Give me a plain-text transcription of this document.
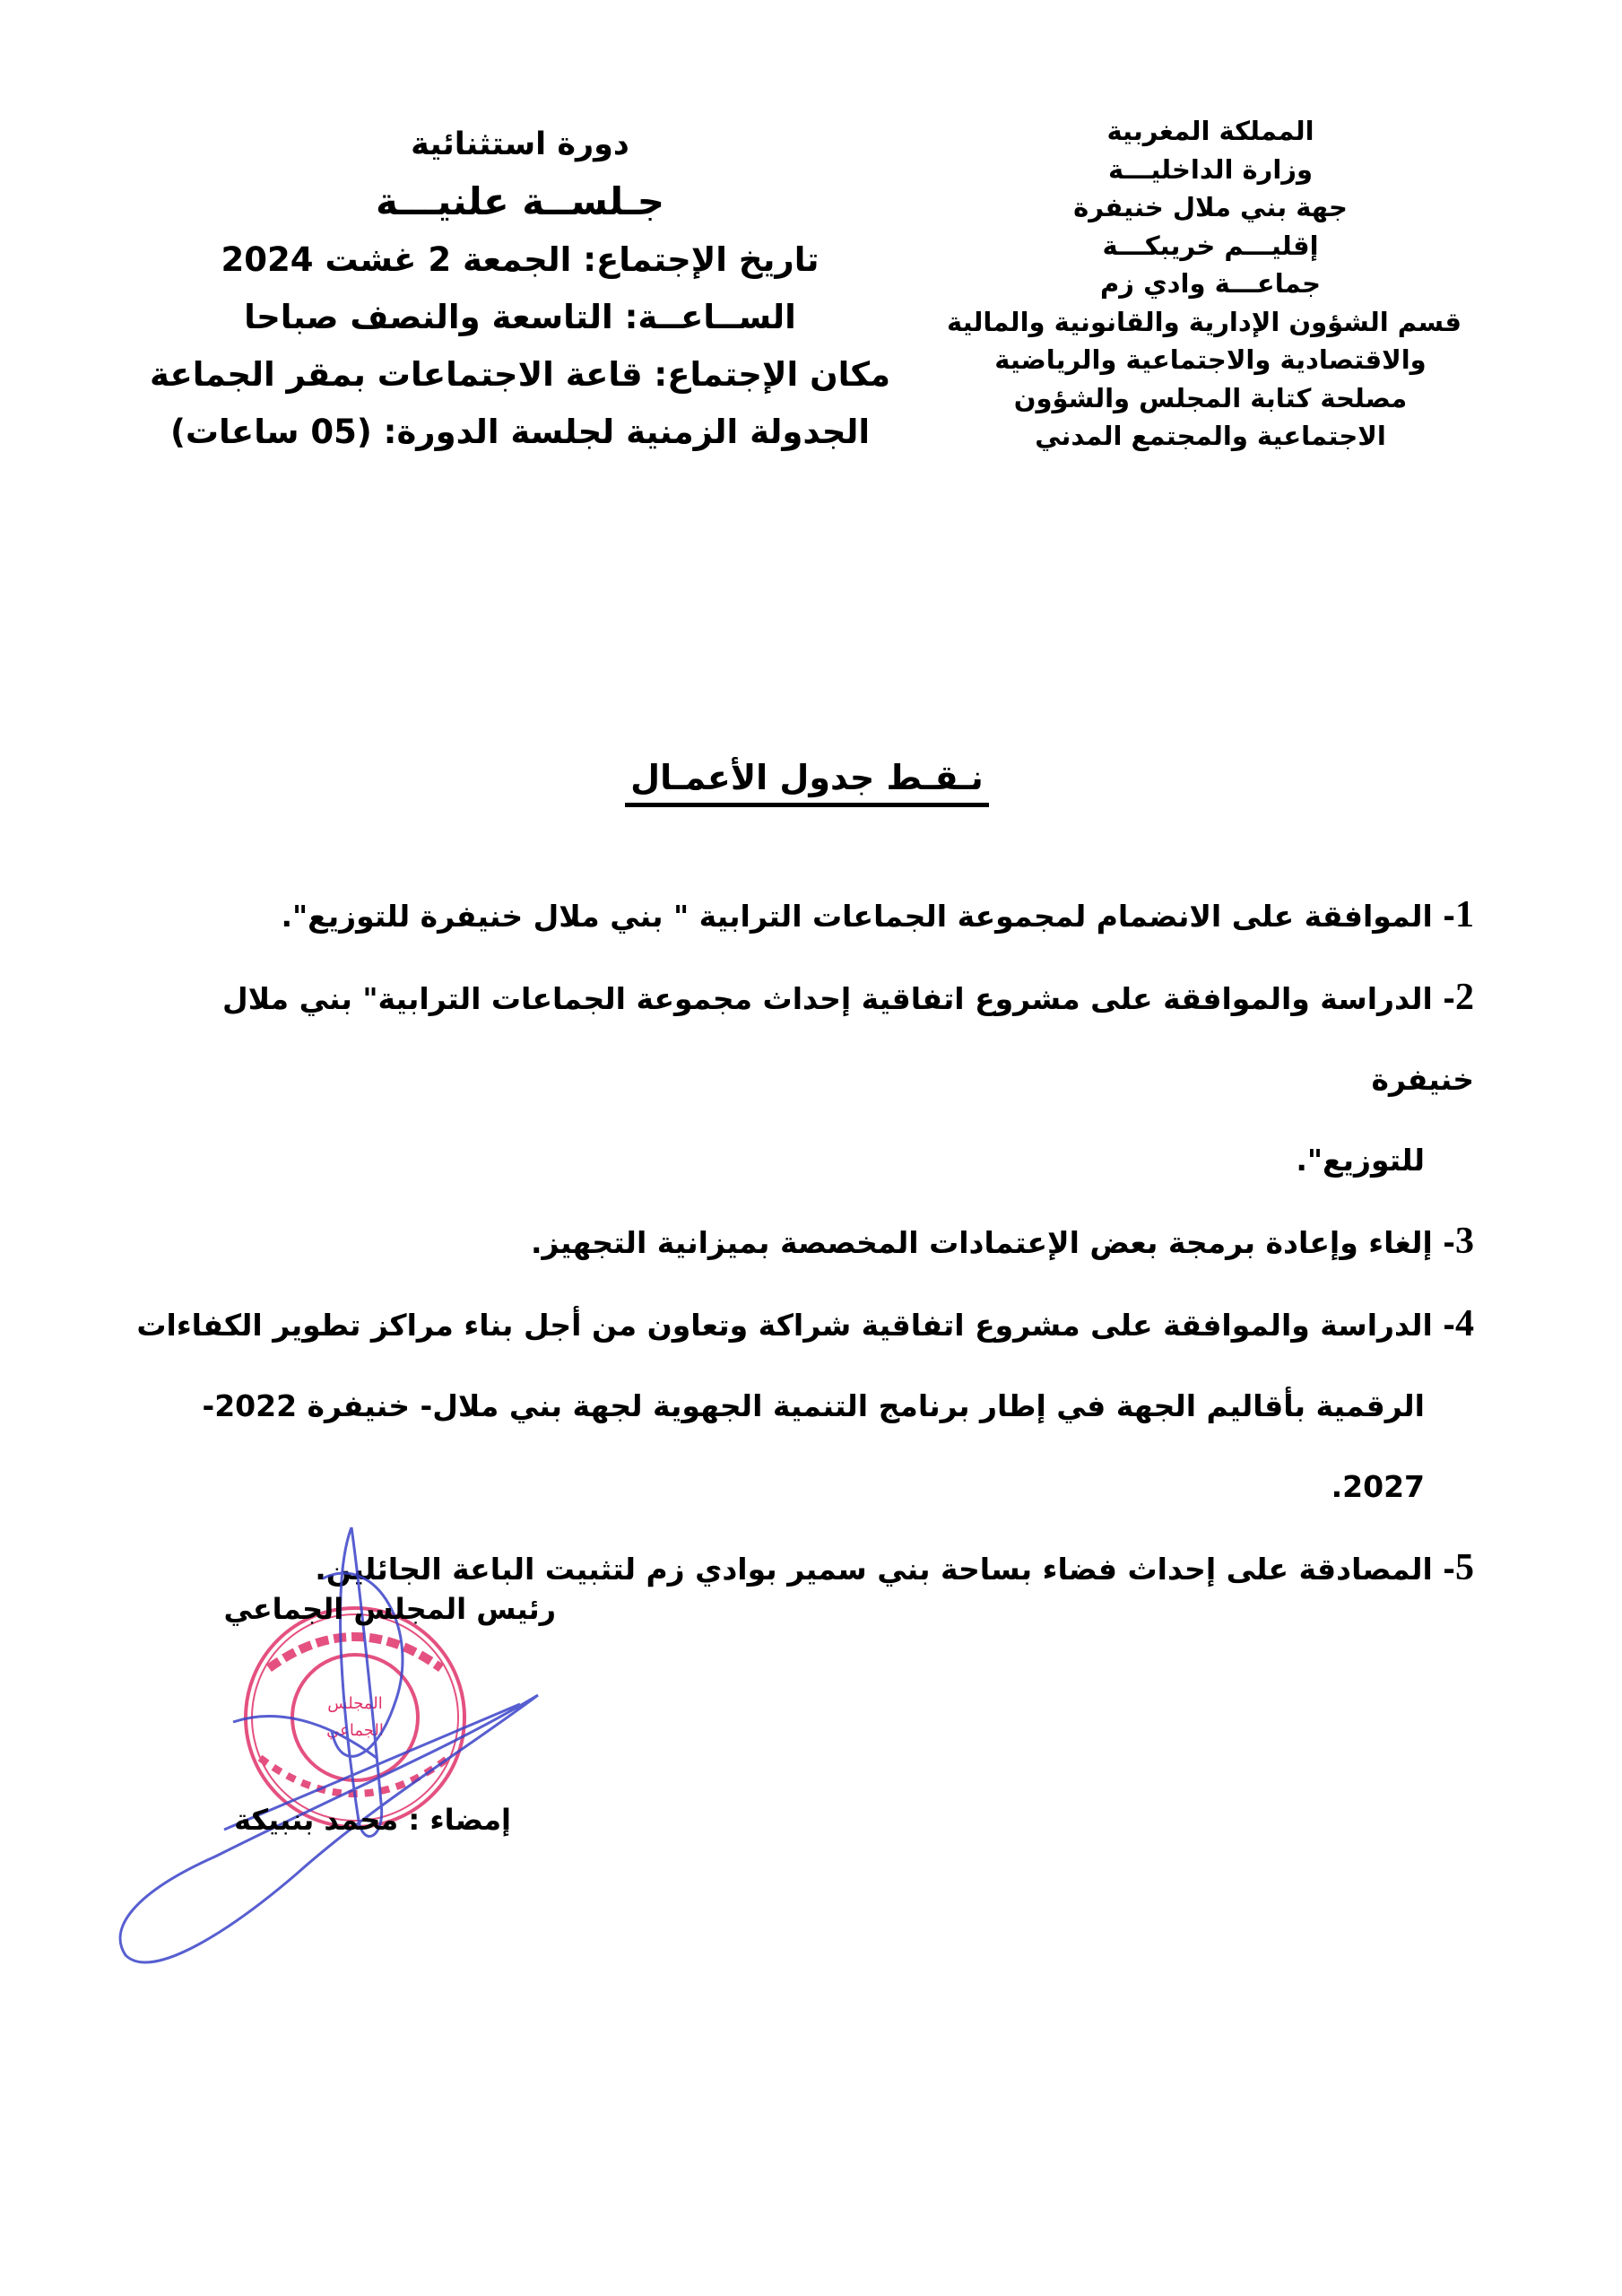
المملكة المغربية
وزارة الداخليـــة
جهة بني ملال خنيفرة
إقليـــم خريبكـــة
جماعـــة وادي زم
قسم الشؤون الإدارية والقانونية والمالية
والاقتصادية والاجتماعية والرياضية
مصلحة كتابة المجلس والشؤون
الاجتماعية والمجتمع المدني
دورة استثنائية
جـلســة علنيـــة
تاريخ الإجتماع: الجمعة 2 غشت 2024
الســاعــة: التاسعة والنصف صباحا
مكان الإجتماع: قاعة الاجتماعات بمقر الجماعة
الجدولة الزمنية لجلسة الدورة: (05 ساعات)
نـقـط جدول الأعمـال
1- الموافقة على الانضمام لمجموعة الجماعات الترابية " بني ملال خنيفرة للتوزيع".
2- الدراسة والموافقة على مشروع اتفاقية إحداث مجموعة الجماعات الترابية" بني ملال خنيفرة
للتوزيع".
3- إلغاء وإعادة برمجة بعض الإعتمادات المخصصة بميزانية التجهيز.
4- الدراسة والموافقة على مشروع اتفاقية شراكة وتعاون من أجل بناء مراكز تطوير الكفاءات
الرقمية بأقاليم الجهة في إطار برنامج التنمية الجهوية لجهة بني ملال- خنيفرة 2022-2027.
5- المصادقة على إحداث فضاء بساحة بني سمير بوادي زم لتثبيت الباعة الجائلين.
المجلس
الجماعي
رئيس المجلس الجماعي
إمضاء : محمد بنبيكة
